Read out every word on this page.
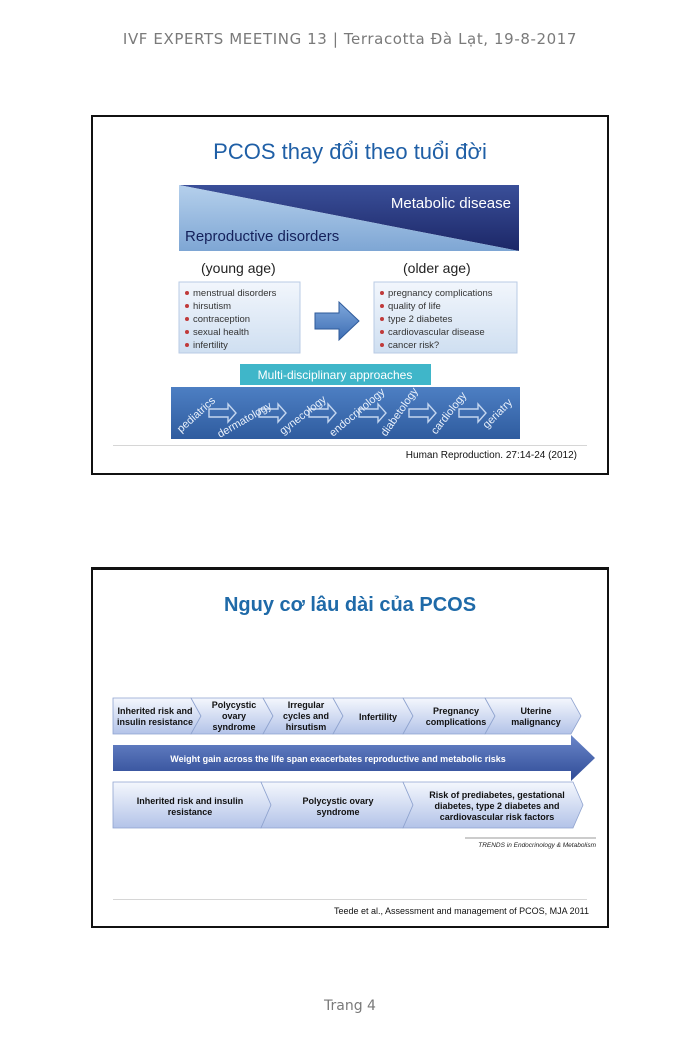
IVF EXPERTS MEETING 13 | Terracotta Đà Lạt, 19-8-2017
PCOS thay đổi theo tuổi đời
Metabolic disease
Reproductive disorders
(young age)	(older age)
menstrual disorders
hirsutism
contraception
sexual health
infertility
pregnancy complications
quality of life
type 2 diabetes
cardiovascular disease
cancer risk?
Multi-disciplinary approaches
pediatrics
dermatology gynecology
endocrinology
diabetology cardiology geriatry
Human Reproduction. 27:14-24 (2012)
Nguy cơ lâu dài của PCOS
Inherited risk and
insulin resistance
Polycystic
ovary
syndrome
Irregular
cycles and
hirsutism
Infertility
Pregnancy
complications
Uterine
malignancy
Weight gain across the life span exacerbates reproductive and metabolic risks
Inherited risk and insulin
resistance
Polycystic ovary
syndrome
Risk of prediabetes, gestational
diabetes, type 2 diabetes and
cardiovascular risk factors
TRENDS in Endocrinology & Metabolism
Teede et al., Assessment and management of PCOS, MJA 2011
Trang 4
